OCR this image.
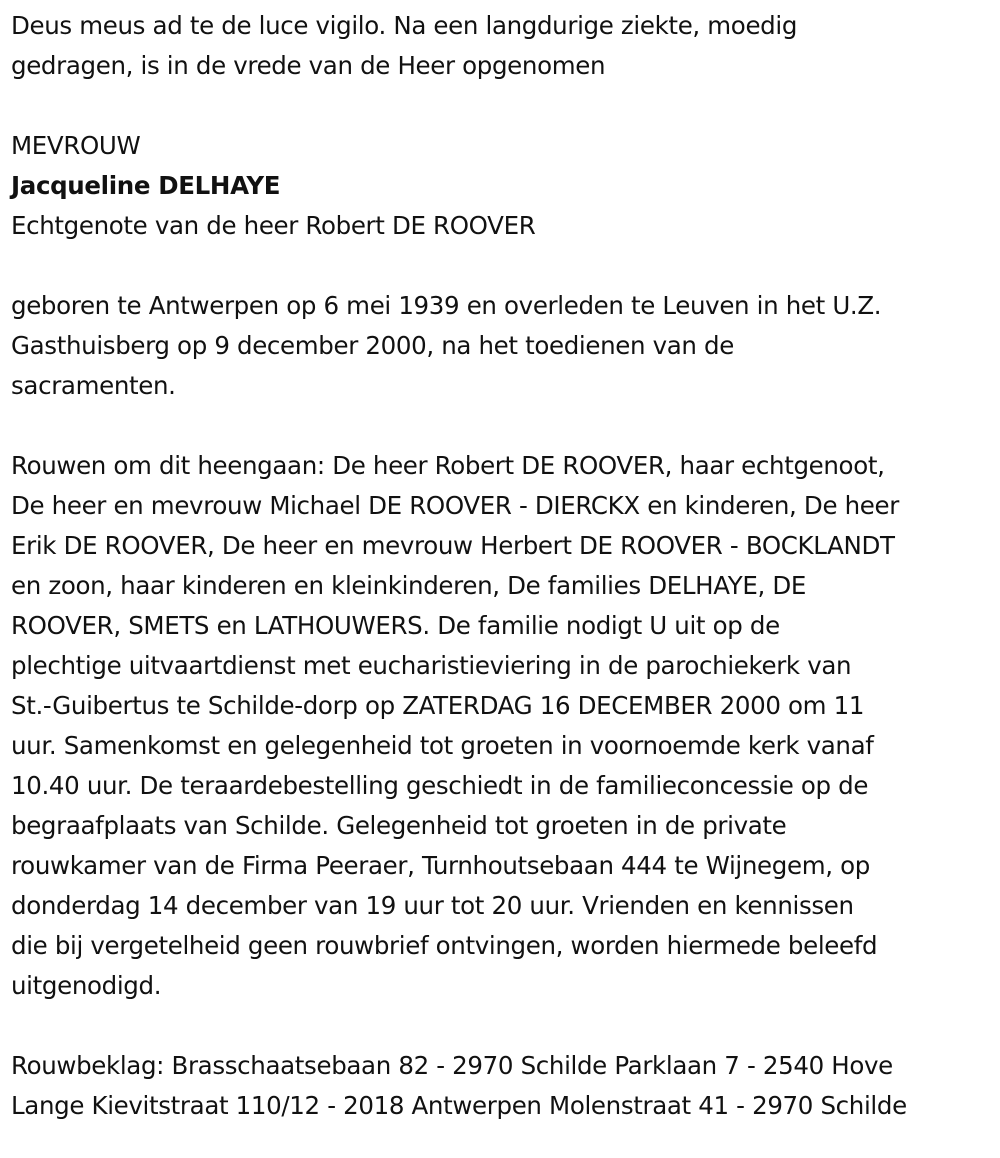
Deus meus ad te de luce vigilo. Na een langdurige ziekte, moedig
gedragen, is in de vrede van de Heer opgenomen
MEVROUW
Jacqueline DELHAYE
Echtgenote van de heer Robert DE ROOVER
geboren te Antwerpen op 6 mei 1939 en overleden te Leuven in het U.Z.
Gasthuisberg op 9 december 2000, na het toedienen van de
sacramenten.
Rouwen om dit heengaan: De heer Robert DE ROOVER, haar echtgenoot,
De heer en mevrouw Michael DE ROOVER - DIERCKX en kinderen, De heer
Erik DE ROOVER, De heer en mevrouw Herbert DE ROOVER - BOCKLANDT
en zoon, haar kinderen en kleinkinderen, De families DELHAYE, DE
ROOVER, SMETS en LATHOUWERS. De familie nodigt U uit op de
plechtige uitvaartdienst met eucharistieviering in de parochiekerk van
St.-Guibertus te Schilde-dorp op ZATERDAG 16 DECEMBER 2000 om 11
uur. Samenkomst en gelegenheid tot groeten in voornoemde kerk vanaf
10.40 uur. De teraardebestelling geschiedt in de familieconcessie op de
begraafplaats van Schilde. Gelegenheid tot groeten in de private
rouwkamer van de Firma Peeraer, Turnhoutsebaan 444 te Wijnegem, op
donderdag 14 december van 19 uur tot 20 uur. Vrienden en kennissen
die bij vergetelheid geen rouwbrief ontvingen, worden hiermede beleefd
uitgenodigd.
Rouwbeklag: Brasschaatsebaan 82 - 2970 Schilde Parklaan 7 - 2540 Hove
Lange Kievitstraat 110/12 - 2018 Antwerpen Molenstraat 41 - 2970 Schilde
